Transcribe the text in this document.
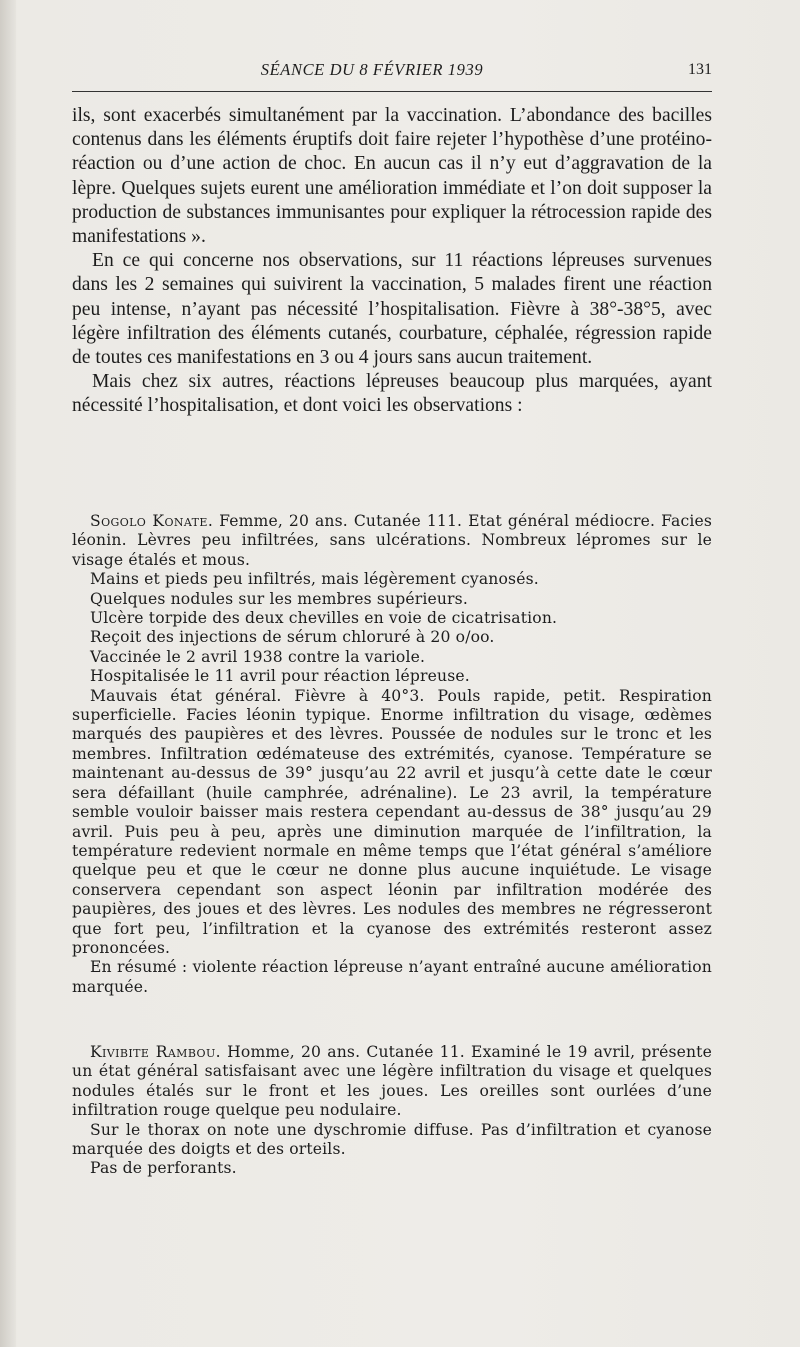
SÉANCE DU 8 FÉVRIER 1939	131

ils, sont exacerbés simultanément par la vaccination. L’abondance des bacilles contenus dans les éléments éruptifs doit faire rejeter l’hypothèse d’une protéino-réaction ou d’une action de choc. En aucun cas il n’y eut d’aggravation de la lèpre. Quelques sujets eurent une amélioration immédiate et l’on doit supposer la production de substances immunisantes pour expliquer la rétrocession rapide des manifestations ».

En ce qui concerne nos observations, sur 11 réactions lépreuses survenues dans les 2 semaines qui suivirent la vaccination, 5 malades firent une réaction peu intense, n’ayant pas nécessité l’hospitalisation. Fièvre à 38°-38°5, avec légère infiltration des éléments cutanés, courbature, céphalée, régression rapide de toutes ces manifestations en 3 ou 4 jours sans aucun traitement.

Mais chez six autres, réactions lépreuses beaucoup plus marquées, ayant nécessité l’hospitalisation, et dont voici les observations :

Sogolo Konate. Femme, 20 ans. Cutanée 111. Etat général médiocre. Facies léonin. Lèvres peu infiltrées, sans ulcérations. Nombreux lépromes sur le visage étalés et mous.

Mains et pieds peu infiltrés, mais légèrement cyanosés.

Quelques nodules sur les membres supérieurs.

Ulcère torpide des deux chevilles en voie de cicatrisation.

Reçoit des injections de sérum chloruré à 20 o/oo.

Vaccinée le 2 avril 1938 contre la variole.

Hospitalisée le 11 avril pour réaction lépreuse.

Mauvais état général. Fièvre à 40°3. Pouls rapide, petit. Respiration superficielle. Facies léonin typique. Enorme infiltration du visage, œdèmes marqués des paupières et des lèvres. Poussée de nodules sur le tronc et les membres. Infiltration œdémateuse des extrémités, cyanose. Température se maintenant au-dessus de 39° jusqu’au 22 avril et jusqu’à cette date le cœur sera défaillant (huile camphrée, adrénaline). Le 23 avril, la température semble vouloir baisser mais restera cependant au-dessus de 38° jusqu’au 29 avril. Puis peu à peu, après une diminution marquée de l’infiltration, la température redevient normale en même temps que l’état général s’améliore quelque peu et que le cœur ne donne plus aucune inquiétude. Le visage conservera cependant son aspect léonin par infiltration modérée des paupières, des joues et des lèvres. Les nodules des membres ne régresseront que fort peu, l’infiltration et la cyanose des extrémités resteront assez prononcées.

En résumé : violente réaction lépreuse n’ayant entraîné aucune amélioration marquée.

Kivibite Rambou. Homme, 20 ans. Cutanée 11. Examiné le 19 avril, présente un état général satisfaisant avec une légère infiltration du visage et quelques nodules étalés sur le front et les joues. Les oreilles sont ourlées d’une infiltration rouge quelque peu nodulaire.

Sur le thorax on note une dyschromie diffuse. Pas d’infiltration et cyanose marquée des doigts et des orteils.

Pas de perforants.
